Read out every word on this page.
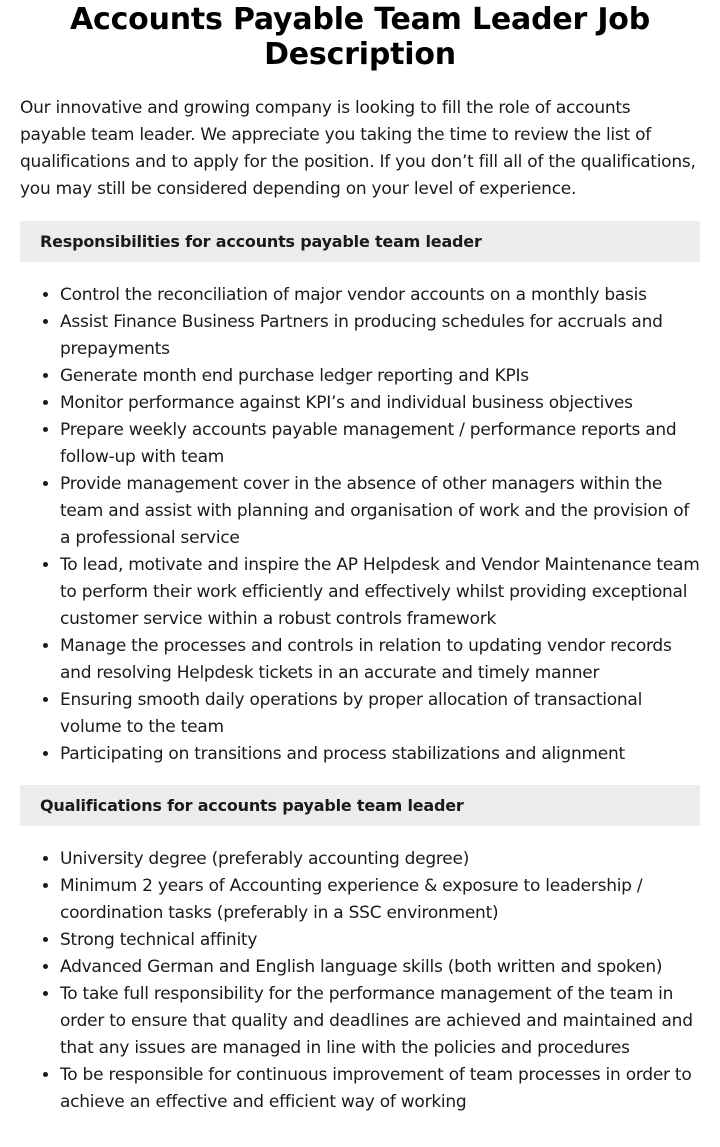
Accounts Payable Team Leader Job Description

Our innovative and growing company is looking to fill the role of accounts payable team leader. We appreciate you taking the time to review the list of qualifications and to apply for the position. If you don’t fill all of the qualifications, you may still be considered depending on your level of experience.

Responsibilities for accounts payable team leader
• Control the reconciliation of major vendor accounts on a monthly basis
• Assist Finance Business Partners in producing schedules for accruals and prepayments
• Generate month end purchase ledger reporting and KPIs
• Monitor performance against KPI’s and individual business objectives
• Prepare weekly accounts payable management / performance reports and follow-up with team
• Provide management cover in the absence of other managers within the team and assist with planning and organisation of work and the provision of a professional service
• To lead, motivate and inspire the AP Helpdesk and Vendor Maintenance team to perform their work efficiently and effectively whilst providing exceptional customer service within a robust controls framework
• Manage the processes and controls in relation to updating vendor records and resolving Helpdesk tickets in an accurate and timely manner
• Ensuring smooth daily operations by proper allocation of transactional volume to the team
• Participating on transitions and process stabilizations and alignment
Qualifications for accounts payable team leader
• University degree (preferably accounting degree)
• Minimum 2 years of Accounting experience & exposure to leadership / coordination tasks (preferably in a SSC environment)
• Strong technical affinity
• Advanced German and English language skills (both written and spoken)
• To take full responsibility for the performance management of the team in order to ensure that quality and deadlines are achieved and maintained and that any issues are managed in line with the policies and procedures
• To be responsible for continuous improvement of team processes in order to achieve an effective and efficient way of working
